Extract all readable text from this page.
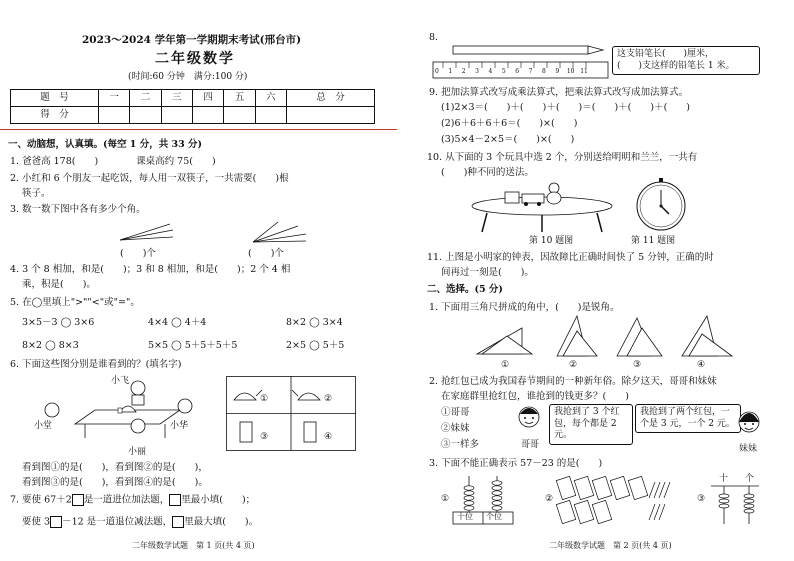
2023～2024 学年第一学期期末考试(邢台市)
二年级数学
(时间:60 分钟　满分:100 分)
题　号	一	二	三	四	五	六	总　分
得　分							
一、动脑想，认真填。(每空 1 分，共 33 分)
1. 爸爸高 178(　　)　　　　课桌高约 75(　　)
2. 小红和 6 个朋友一起吃饭，每人用一双筷子，一共需要(　　)根
筷子。
3. 数一数下图中各有多少个角。
(　　)个	(　　)个
4. 3 个 8 相加，和是(　　)；3 和 8 相加，和是(　　)；2 个 4 相
乘，积是(　　)。
5. 在◯里填上">""<"或"="。
3×5－3 ◯ 3×6	4×4 ◯ 4＋4	8×2 ◯ 3×4
8×2 ◯ 8×3	5×5 ◯ 5＋5＋5＋5	2×5 ◯ 5＋5
6. 下面这些图分别是谁看到的？(填名字)
小飞
小堂	小华
小丽
①	②
③	④
看到图①的是(　　)，看到图②的是(　　)，
看到图③的是(　　)，看到图④的是(　　)。
7. 要使 67＋2 是一道进位加法题， 里最小填(　　)；
要使 3 －12 是一道退位减法题， 里最大填(　　)。
二年级数学试题　第 1 页(共 4 页)
8.
0 1 2 3 4 5 6 7 8 9 10 11
这支铅笔长(　　)厘米，
(　　)支这样的铅笔长 1 米。
9. 把加法算式改写成乘法算式，把乘法算式改写成加法算式。
(1)2×3＝(　　)＋(　　)＋(　　)＝(　　)＋(　　)＋(　　)
(2)6＋6＋6＋6＝(　　)×(　　)
(3)5×4－2×5＝(　　)×(　　)
10. 从下面的 3 个玩具中选 2 个，分别送给明明和兰兰，一共有
(　　)种不同的送法。
第 10 题图	第 11 题图
11. 上图是小明家的钟表，因故障比正确时间快了 5 分钟，正确的时
间再过一刻是(　　)。
二、选择。(5 分)
1. 下面用三角尺拼成的角中，(　　)是锐角。
①	②	③	④
2. 抢红包已成为我国春节期间的一种新年俗。除夕这天，哥哥和妹妹
在家庭群里抢红包，谁抢到的钱更多？(　　)
①哥哥
②妹妹
③一样多	哥哥
我抢到了 3 个红包，每个都是 2 元。
我抢到了两个红包，一个是 3 元，一个 2 元。
妹妹
3. 下面不能正确表示 57－23 的是(　　)
①
十位 个位
②	③
十 个
二年级数学试题　第 2 页(共 4 页)
